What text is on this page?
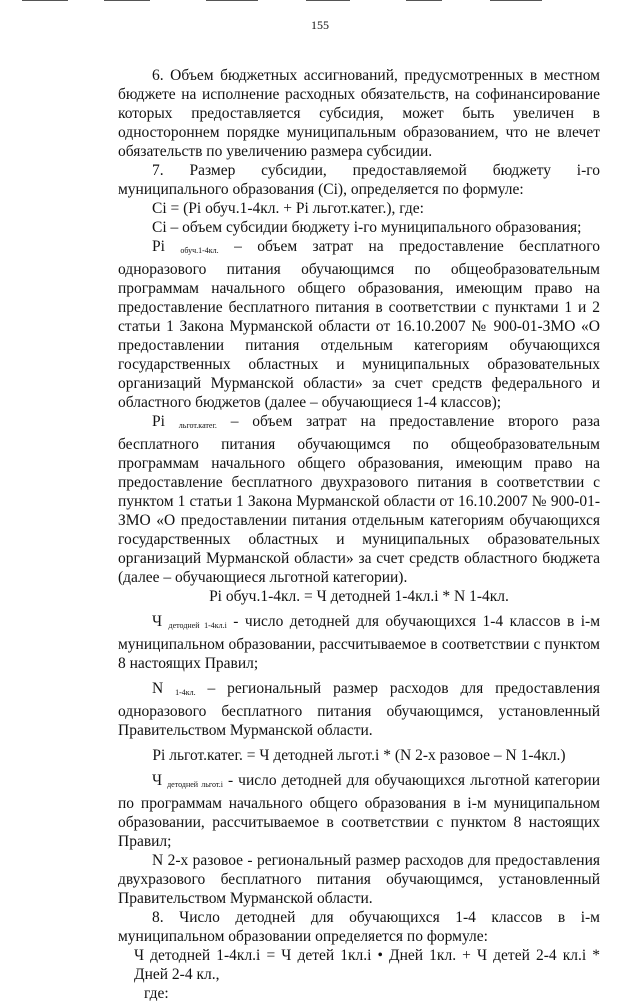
155

6. Объем бюджетных ассигнований, предусмотренных в местном бюджете на исполнение расходных обязательств, на софинансирование которых предоставляется субсидия, может быть увеличен в одностороннем порядке муниципальным образованием, что не влечет обязательств по увеличению размера субсидии.

7. Размер субсидии, предоставляемой бюджету i-го муниципального образования (Ci), определяется по формуле:

Ci = (Pi обуч.1-4кл. + Pi льгот.катег.), где:

Ci – объем субсидии бюджету i-го муниципального образования;

Pi обуч.1-4кл. – объем затрат на предоставление бесплатного одноразового питания обучающимся по общеобразовательным программам начального общего образования, имеющим право на предоставление бесплатного питания в соответствии с пунктами 1 и 2 статьи 1 Закона Мурманской области от 16.10.2007 № 900-01-ЗМО «О предоставлении питания отдельным категориям обучающихся государственных областных и муниципальных образовательных организаций Мурманской области» за счет средств федерального и областного бюджетов (далее – обучающиеся 1-4 классов);

Pi льгот.катег. – объем затрат на предоставление второго раза бесплатного питания обучающимся по общеобразовательным программам начального общего образования, имеющим право на предоставление бесплатного двухразового питания в соответствии с пунктом 1 статьи 1 Закона Мурманской области от 16.10.2007 № 900-01-ЗМО «О предоставлении питания отдельным категориям обучающихся государственных областных и муниципальных образовательных организаций Мурманской области» за счет средств областного бюджета (далее – обучающиеся льготной категории).

Pi обуч.1-4кл. = Ч детодней 1-4кл.i * N 1-4кл.

Ч детодней 1-4кл.i - число детодней для обучающихся 1-4 классов в i-м муниципальном образовании, рассчитываемое в соответствии с пунктом 8 настоящих Правил;

N 1-4кл. – региональный размер расходов для предоставления одноразового бесплатного питания обучающимся, установленный Правительством Мурманской области.

Pi льгот.катег. = Ч детодней льгот.i * (N 2-х разовое – N 1-4кл.)

Ч детодней льгот.i - число детодней для обучающихся льготной категории по программам начального общего образования в i-м муниципальном образовании, рассчитываемое в соответствии с пунктом 8 настоящих Правил;

N 2-х разовое - региональный размер расходов для предоставления двухразового бесплатного питания обучающимся, установленный Правительством Мурманской области.

8. Число детодней для обучающихся 1-4 классов в i-м муниципальном образовании определяется по формуле:

Ч детодней 1-4кл.i = Ч детей 1кл.i • Дней 1кл. + Ч детей 2-4 кл.i * Дней 2-4 кл.,

где:
